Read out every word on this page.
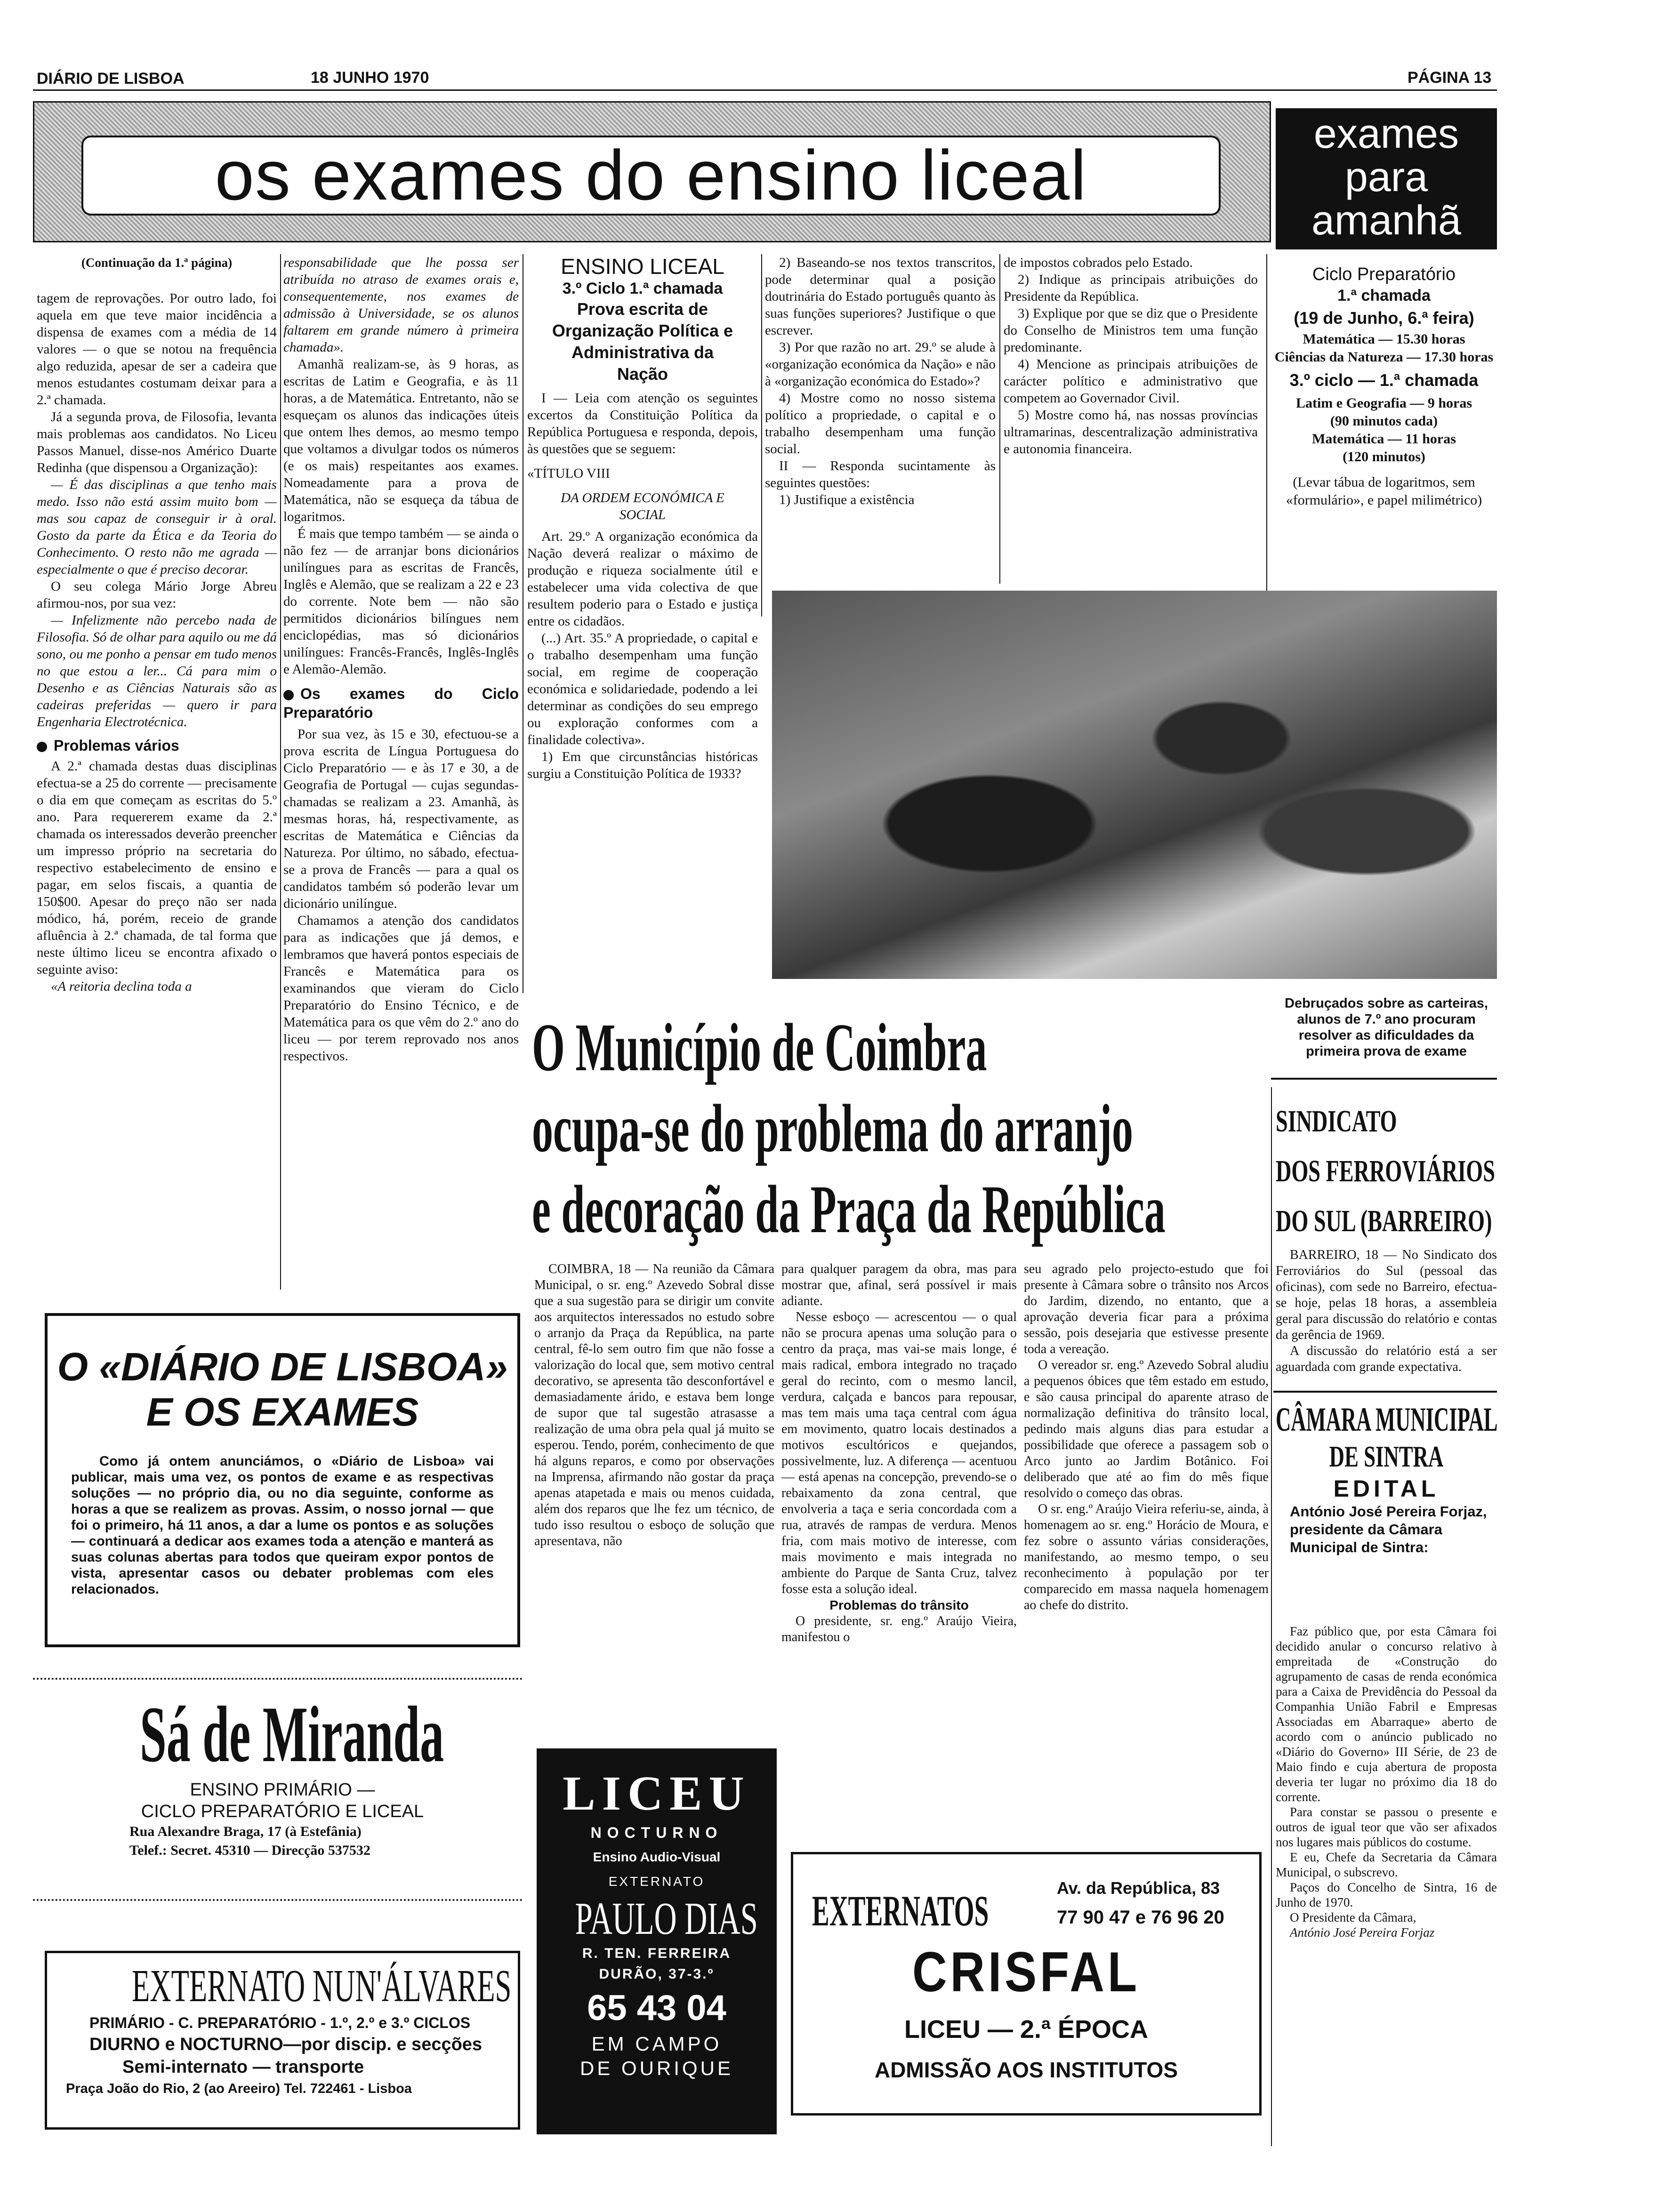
DIÁRIO DE LISBOA	18 JUNHO 1970	PÁGINA 13
os exames do ensino liceal
exames para amanhã
(Continuação da 1.ª página)

tagem de reprovações. Por outro lado, foi aquela em que teve maior incidência a dispensa de exames com a média de 14 valores — o que se notou na frequência algo reduzida, apesar de ser a cadeira que menos estudantes costumam deixar para a 2.ª chamada.

Já a segunda prova, de Filosofia, levanta mais problemas aos candidatos. No Liceu Passos Manuel, disse-nos Américo Duarte Redinha (que dispensou a Organização):

— É das disciplinas a que tenho mais medo. Isso não está assim muito bom — mas sou capaz de conseguir ir à oral. Gosto da parte da Ética e da Teoria do Conhecimento. O resto não me agrada — especialmente o que é preciso decorar.

O seu colega Mário Jorge Abreu afirmou-nos, por sua vez:

— Infelizmente não percebo nada de Filosofia. Só de olhar para aquilo ou me dá sono, ou me ponho a pensar em tudo menos no que estou a ler... Cá para mim o Desenho e as Ciências Naturais são as cadeiras preferidas — quero ir para Engenharia Electrotécnica.

Problemas vários

A 2.ª chamada destas duas disciplinas efectua-se a 25 do corrente — precisamente o dia em que começam as escritas do 5.º ano. Para requererem exame da 2.ª chamada os interessados deverão preencher um impresso próprio na secretaria do respectivo estabelecimento de ensino e pagar, em selos fiscais, a quantia de 150$00. Apesar do preço não ser nada módico, há, porém, receio de grande afluência à 2.ª chamada, de tal forma que neste último liceu se encontra afixado o seguinte aviso:

«A reitoria declina toda a

responsabilidade que lhe possa ser atribuída no atraso de exames orais e, consequentemente, nos exames de admissão à Universidade, se os alunos faltarem em grande número à primeira chamada».

Amanhã realizam-se, às 9 horas, as escritas de Latim e Geografia, e às 11 horas, a de Matemática. Entretanto, não se esqueçam os alunos das indicações úteis que ontem lhes demos, ao mesmo tempo que voltamos a divulgar todos os números (e os mais) respeitantes aos exames. Nomeadamente para a prova de Matemática, não se esqueça da tábua de logaritmos.

É mais que tempo também — se ainda o não fez — de arranjar bons dicionários unilíngues para as escritas de Francês, Inglês e Alemão, que se realizam a 22 e 23 do corrente. Note bem — não são permitidos dicionários bilíngues nem enciclopédias, mas só dicionários unilíngues: Francês-Francês, Inglês-Inglês e Alemão-Alemão.

Os exames do Ciclo Preparatório

Por sua vez, às 15 e 30, efectuou-se a prova escrita de Língua Portuguesa do Ciclo Preparatório — e às 17 e 30, a de Geografia de Portugal — cujas segundas-chamadas se realizam a 23. Amanhã, às mesmas horas, há, respectivamente, as escritas de Matemática e Ciências da Natureza. Por último, no sábado, efectua-se a prova de Francês — para a qual os candidatos também só poderão levar um dicionário unilíngue.

Chamamos a atenção dos candidatos para as indicações que já demos, e lembramos que haverá pontos especiais de Francês e Matemática para os examinandos que vieram do Ciclo Preparatório do Ensino Técnico, e de Matemática para os que vêm do 2.º ano do liceu — por terem reprovado nos anos respectivos.

ENSINO LICEAL
3.º Ciclo 1.ª chamada
Prova escrita de Organização Política e Administrativa da Nação

I — Leia com atenção os seguintes excertos da Constituição Política da República Portuguesa e responda, depois, às questões que se seguem:

«TÍTULO VIII
DA ORDEM ECONÓMICA E SOCIAL

Art. 29.º A organização económica da Nação deverá realizar o máximo de produção e riqueza socialmente útil e estabelecer uma vida colectiva de que resultem poderio para o Estado e justiça entre os cidadãos.

(...) Art. 35.º A propriedade, o capital e o trabalho desempenham uma função social, em regime de cooperação económica e solidariedade, podendo a lei determinar as condições do seu emprego ou exploração conformes com a finalidade colectiva».

1) Em que circunstâncias históricas surgiu a Constituição Política de 1933?

2) Baseando-se nos textos transcritos, pode determinar qual a posição doutrinária do Estado português quanto às suas funções superiores? Justifique o que escrever.

3) Por que razão no art. 29.º se alude à «organização económica da Nação» e não à «organização económica do Estado»?

4) Mostre como no nosso sistema político a propriedade, o capital e o trabalho desempenham uma função social.

II — Responda sucintamente às seguintes questões:

1) Justifique a existência

de impostos cobrados pelo Estado.

2) Indique as principais atribuições do Presidente da República.

3) Explique por que se diz que o Presidente do Conselho de Ministros tem uma função predominante.

4) Mencione as principais atribuições de carácter político e administrativo que competem ao Governador Civil.

5) Mostre como há, nas nossas províncias ultramarinas, descentralização administrativa e autonomia financeira.

Ciclo Preparatório
1.ª chamada
(19 de Junho, 6.ª feira)
Matemática — 15.30 horas
Ciências da Natureza — 17.30 horas
3.º ciclo — 1.ª chamada
Latim e Geografia — 9 horas
(90 minutos cada)
Matemática — 11 horas
(120 minutos)
(Levar tábua de logaritmos, sem «formulário», e papel milimétrico)
Debruçados sobre as carteiras, alunos de 7.º ano procuram resolver as dificuldades da primeira prova de exame
O Município de Coimbra
ocupa-se do problema do arranjo
e decoração da Praça da República

COIMBRA, 18 — Na reunião da Câmara Municipal, o sr. eng.º Azevedo Sobral disse que a sua sugestão para se dirigir um convite aos arquitectos interessados no estudo sobre o arranjo da Praça da República, na parte central, fê-lo sem outro fim que não fosse a valorização do local que, sem motivo central decorativo, se apresenta tão desconfortável e demasiadamente árido, e estava bem longe de supor que tal sugestão atrasasse a realização de uma obra pela qual já muito se esperou. Tendo, porém, conhecimento de que há alguns reparos, e como por observações na Imprensa, afirmando não gostar da praça apenas atapetada e mais ou menos cuidada, além dos reparos que lhe fez um técnico, de tudo isso resultou o esboço de solução que apresentava, não

para qualquer paragem da obra, mas para mostrar que, afinal, será possível ir mais adiante.

Nesse esboço — acrescentou — o qual não se procura apenas uma solução para o centro da praça, mas vai-se mais longe, é mais radical, embora integrado no traçado geral do recinto, com o mesmo lancil, verdura, calçada e bancos para repousar, mas tem mais uma taça central com água em movimento, quatro locais destinados a motivos escultóricos e quejandos, possivelmente, luz. A diferença — acentuou — está apenas na concepção, prevendo-se o rebaixamento da zona central, que envolveria a taça e seria concordada com a rua, através de rampas de verdura. Menos fria, com mais motivo de interesse, com mais movimento e mais integrada no ambiente do Parque de Santa Cruz, talvez fosse esta a solução ideal.

Problemas do trânsito

O presidente, sr. eng.º Araújo Vieira, manifestou o

seu agrado pelo projecto-estudo que foi presente à Câmara sobre o trânsito nos Arcos do Jardim, dizendo, no entanto, que a aprovação deveria ficar para a próxima sessão, pois desejaria que estivesse presente toda a vereação.

O vereador sr. eng.º Azevedo Sobral aludiu a pequenos óbices que têm estado em estudo, e são causa principal do aparente atraso de normalização definitiva do trânsito local, pedindo mais alguns dias para estudar a possibilidade que oferece a passagem sob o Arco junto ao Jardim Botânico. Foi deliberado que até ao fim do mês fique resolvido o começo das obras.

O sr. eng.º Araújo Vieira referiu-se, ainda, à homenagem ao sr. eng.º Horácio de Moura, e fez sobre o assunto várias considerações, manifestando, ao mesmo tempo, o seu reconhecimento à população por ter comparecido em massa naquela homenagem ao chefe do distrito.

SINDICATO
DOS FERROVIÁRIOS
DO SUL (BARREIRO)

BARREIRO, 18 — No Sindicato dos Ferroviários do Sul (pessoal das oficinas), com sede no Barreiro, efectua-se hoje, pelas 18 horas, a assembleia geral para discussão do relatório e contas da gerência de 1969.

A discussão do relatório está a ser aguardada com grande expectativa.

CÂMARA MUNICIPAL
DE SINTRA
EDITAL
António José Pereira Forjaz, presidente da Câmara Municipal de Sintra:

Faz público que, por esta Câmara foi decidido anular o concurso relativo à empreitada de «Construção do agrupamento de casas de renda económica para a Caixa de Previdência do Pessoal da Companhia União Fabril e Empresas Associadas em Abarraque» aberto de acordo com o anúncio publicado no «Diário do Governo» III Série, de 23 de Maio findo e cuja abertura de proposta deveria ter lugar no próximo dia 18 do corrente.

Para constar se passou o presente e outros de igual teor que vão ser afixados nos lugares mais públicos do costume.

E eu, Chefe da Secretaria da Câmara Municipal, o subscrevo.

Paços do Concelho de Sintra, 16 de Junho de 1970.

O Presidente da Câmara,

António José Pereira Forjaz

O «DIÁRIO DE LISBOA»
E OS EXAMES
Como já ontem anunciámos, o «Diário de Lisboa» vai publicar, mais uma vez, os pontos de exame e as respectivas soluções — no próprio dia, ou no dia seguinte, conforme as horas a que se realizem as provas. Assim, o nosso jornal — que foi o primeiro, há 11 anos, a dar a lume os pontos e as soluções — continuará a dedicar aos exames toda a atenção e manterá as suas colunas abertas para todos que queiram expor pontos de vista, apresentar casos ou debater problemas com eles relacionados.
Sá de Miranda
ENSINO PRIMÁRIO —
CICLO PREPARATÓRIO E LICEAL
Rua Alexandre Braga, 17 (à Estefânia)
Telef.: Secret. 45310 — Direcção 537532
EXTERNATO NUN'ÁLVARES
PRIMÁRIO - C. PREPARATÓRIO - 1.º, 2.º e 3.º CICLOS
DIURNO e NOCTURNO—por discip. e secções
Semi-internato — transporte
Praça João do Rio, 2 (ao Areeiro) Tel. 722461 - Lisboa
LICEU
NOCTURNO
Ensino Audio-Visual
EXTERNATO
PAULO DIAS
R. TEN. FERREIRA
DURÃO, 37-3.º
65 43 04
EM CAMPO
DE OURIQUE
EXTERNATOS	Av. da República, 83
77 90 47 e 76 96 20
CRISFAL
LICEU — 2.ª ÉPOCA
ADMISSÃO AOS INSTITUTOS
